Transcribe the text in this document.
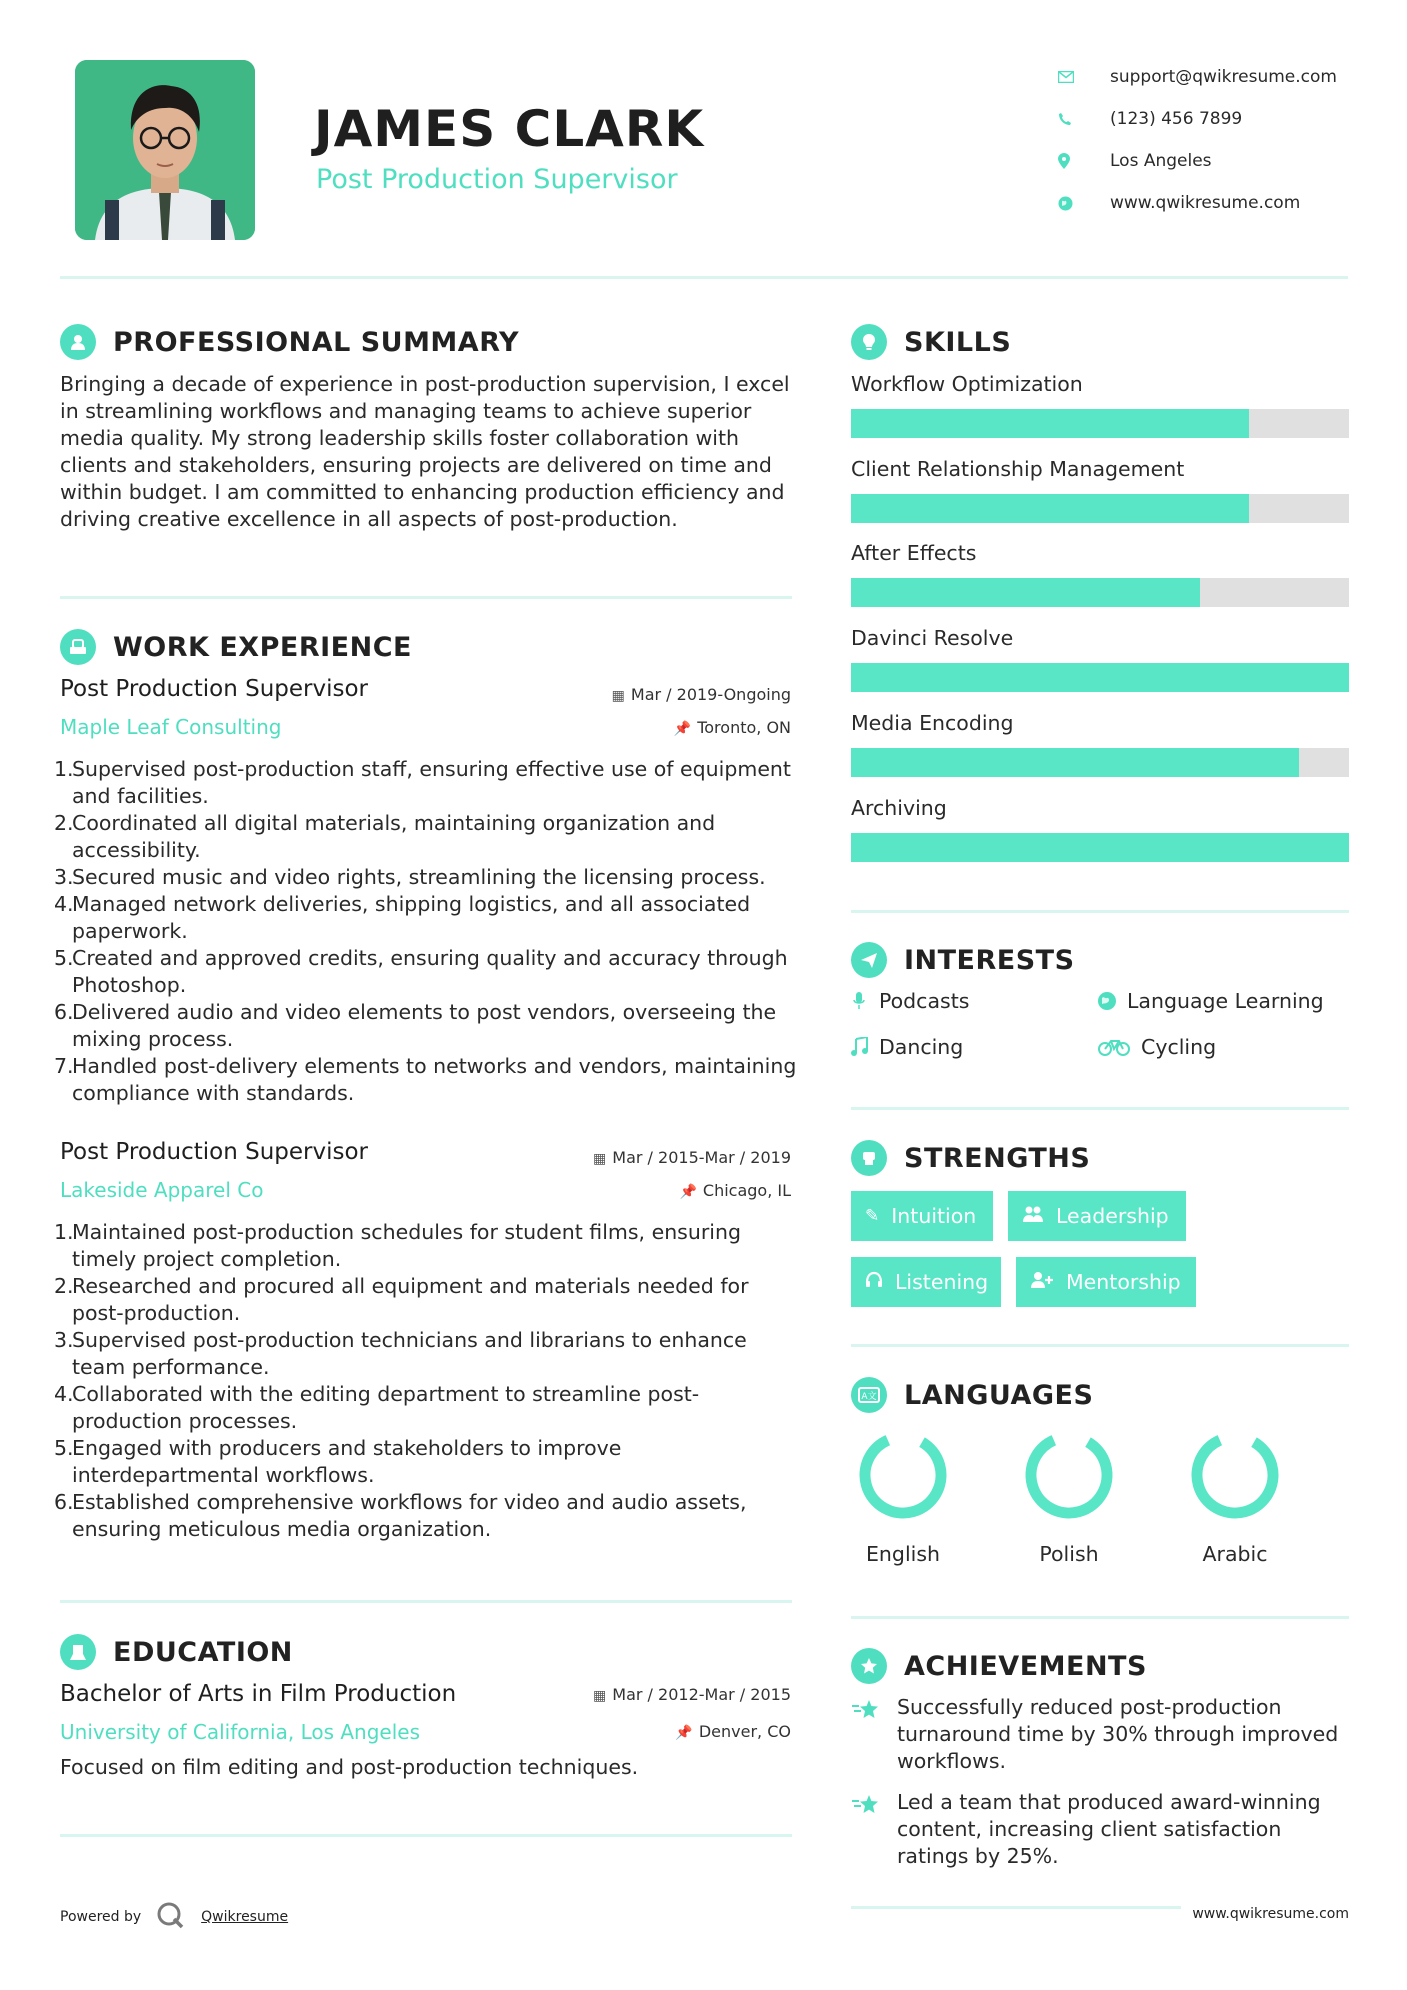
JAMES CLARK
Post Production Supervisor
support@qwikresume.com
(123) 456 7899
Los Angeles
www.qwikresume.com
PROFESSIONAL SUMMARY
Bringing a decade of experience in post-production supervision, I excel in streamlining workflows and managing teams to achieve superior media quality. My strong leadership skills foster collaboration with clients and stakeholders, ensuring projects are delivered on time and within budget. I am committed to enhancing production efficiency and driving creative excellence in all aspects of post-production.
WORK EXPERIENCE
Post Production Supervisor	▦ Mar / 2019-Ongoing
Maple Leaf Consulting	📌 Toronto, ON
1.
Supervised post-production staff, ensuring effective use of equipment and facilities.
2.
Coordinated all digital materials, maintaining organization and accessibility.
3.
Secured music and video rights, streamlining the licensing process.
4.
Managed network deliveries, shipping logistics, and all associated paperwork.
5.
Created and approved credits, ensuring quality and accuracy through Photoshop.
6.
Delivered audio and video elements to post vendors, overseeing the mixing process.
7.
Handled post-delivery elements to networks and vendors, maintaining compliance with standards.
Post Production Supervisor	▦ Mar / 2015-Mar / 2019
Lakeside Apparel Co	📌 Chicago, IL
1.
Maintained post-production schedules for student films, ensuring timely project completion.
2.
Researched and procured all equipment and materials needed for post-production.
3.
Supervised post-production technicians and librarians to enhance team performance.
4.
Collaborated with the editing department to streamline post-production processes.
5.
Engaged with producers and stakeholders to improve interdepartmental workflows.
6.
Established comprehensive workflows for video and audio assets, ensuring meticulous media organization.
EDUCATION
Bachelor of Arts in Film Production	▦ Mar / 2012-Mar / 2015
University of California, Los Angeles	📌 Denver, CO
Focused on film editing and post-production techniques.
SKILLS
Workflow Optimization
Client Relationship Management
After Effects
Davinci Resolve
Media Encoding
Archiving
INTERESTS
Podcasts	Language Learning
Dancing	Cycling
STRENGTHS
✎ Intuition	Leadership
Listening	Mentorship
A文 LANGUAGES
English	Polish	Arabic
ACHIEVEMENTS
Successfully reduced post-production turnaround time by 30% through improved workflows.
Led a team that produced award-winning content, increasing client satisfaction ratings by 25%.
Powered by	Qwikresume	www.qwikresume.com
